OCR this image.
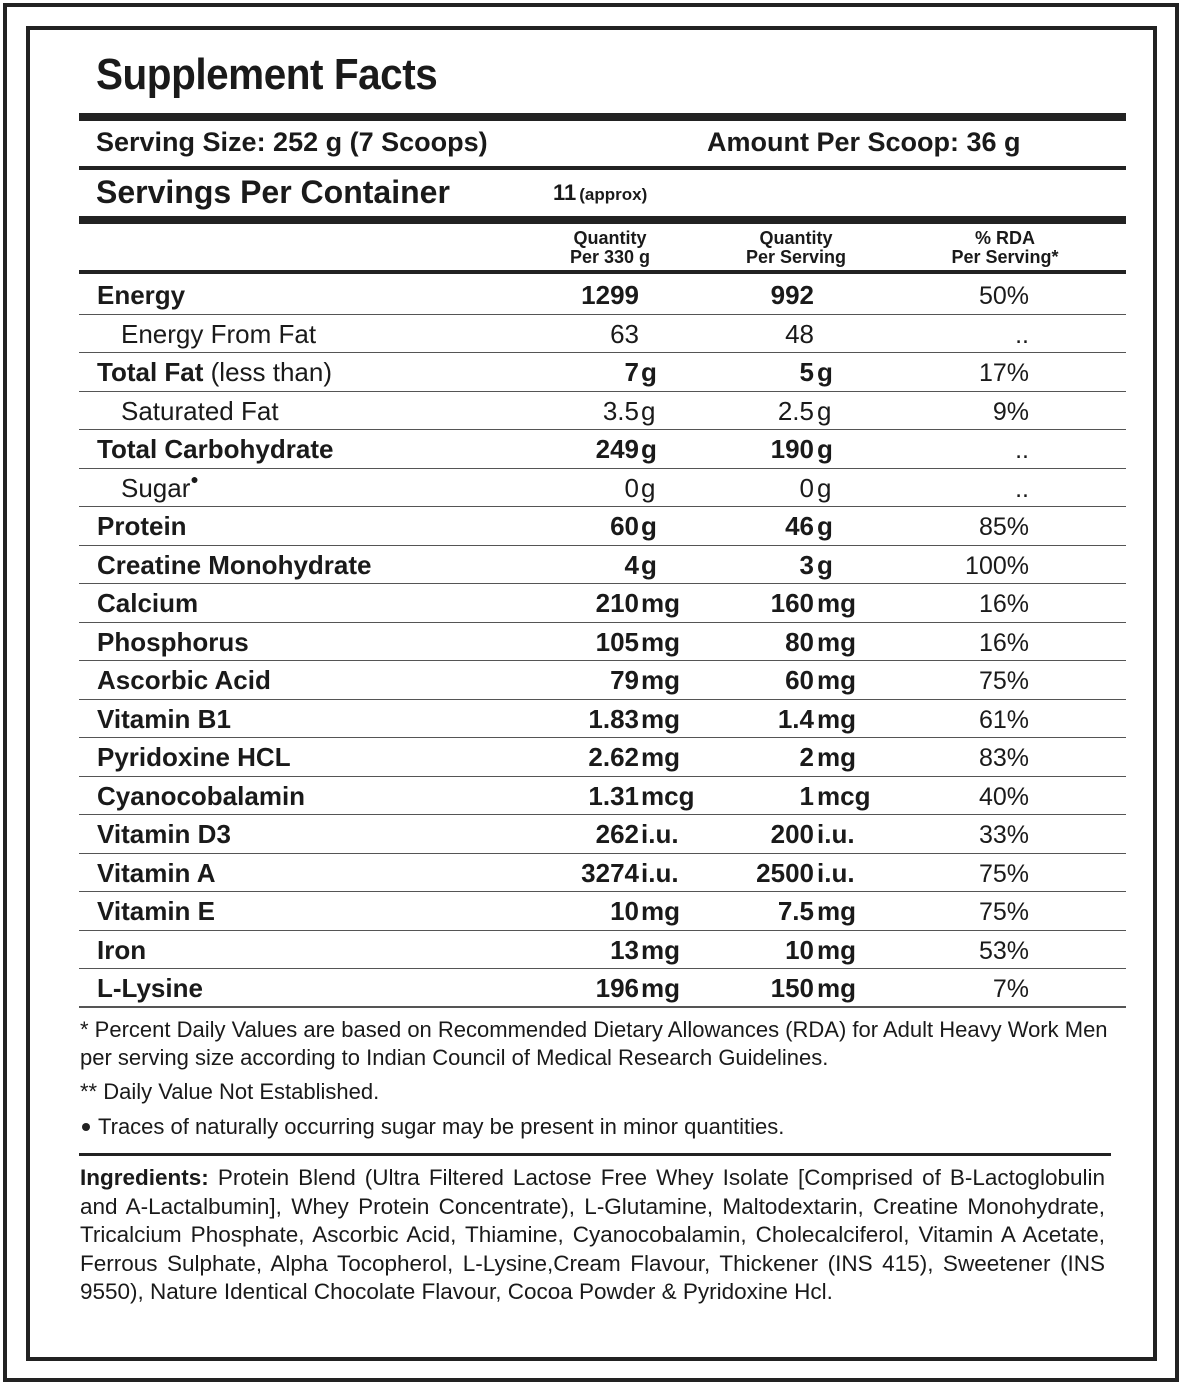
Supplement Facts
Serving Size: 252 g (7 Scoops)	Amount Per Scoop: 36 g
Servings Per Container	11 (approx)
Quantity
Per 330 g
Quantity
Per Serving
% RDA
Per Serving*
Energy	1299	992	50%
Energy From Fat	63	48	..
Total Fat (less than)	7 g	5 g	17%
Saturated Fat	3.5 g	2.5 g	9%
Total Carbohydrate	249 g	190 g	..
Sugar●	0 g	0 g	..
Protein	60 g	46 g	85%
Creatine Monohydrate	4 g	3 g	100%
Calcium	210 mg	160 mg	16%
Phosphorus	105 mg	80 mg	16%
Ascorbic Acid	79 mg	60 mg	75%
Vitamin B1	1.83 mg	1.4 mg	61%
Pyridoxine HCL	2.62 mg	2 mg	83%
Cyanocobalamin	1.31 mcg	1 mcg	40%
Vitamin D3	262 i.u.	200 i.u.	33%
Vitamin A	3274 i.u.	2500 i.u.	75%
Vitamin E	10 mg	7.5 mg	75%
Iron	13 mg	10 mg	53%
L-Lysine	196 mg	150 mg	7%
* Percent Daily Values are based on Recommended Dietary Allowances (RDA) for Adult Heavy Work Men per serving size according to Indian Council of Medical Research Guidelines.
** Daily Value Not Established.
Traces of naturally occurring sugar may be present in minor quantities.
Ingredients: Protein Blend (Ultra Filtered Lactose Free Whey Isolate [Comprised of B-Lactoglobulin and A-Lactalbumin], Whey Protein Concentrate), L-Glutamine, Maltodextarin, Creatine Monohydrate, Tricalcium Phosphate, Ascorbic Acid, Thiamine, Cyanocobalamin, Cholecalciferol, Vitamin A Acetate, Ferrous Sulphate, Alpha Tocopherol, L-Lysine,Cream Flavour, Thickener (INS 415), Sweetener (INS 9550), Nature Identical Chocolate Flavour, Cocoa Powder & Pyridoxine Hcl.
